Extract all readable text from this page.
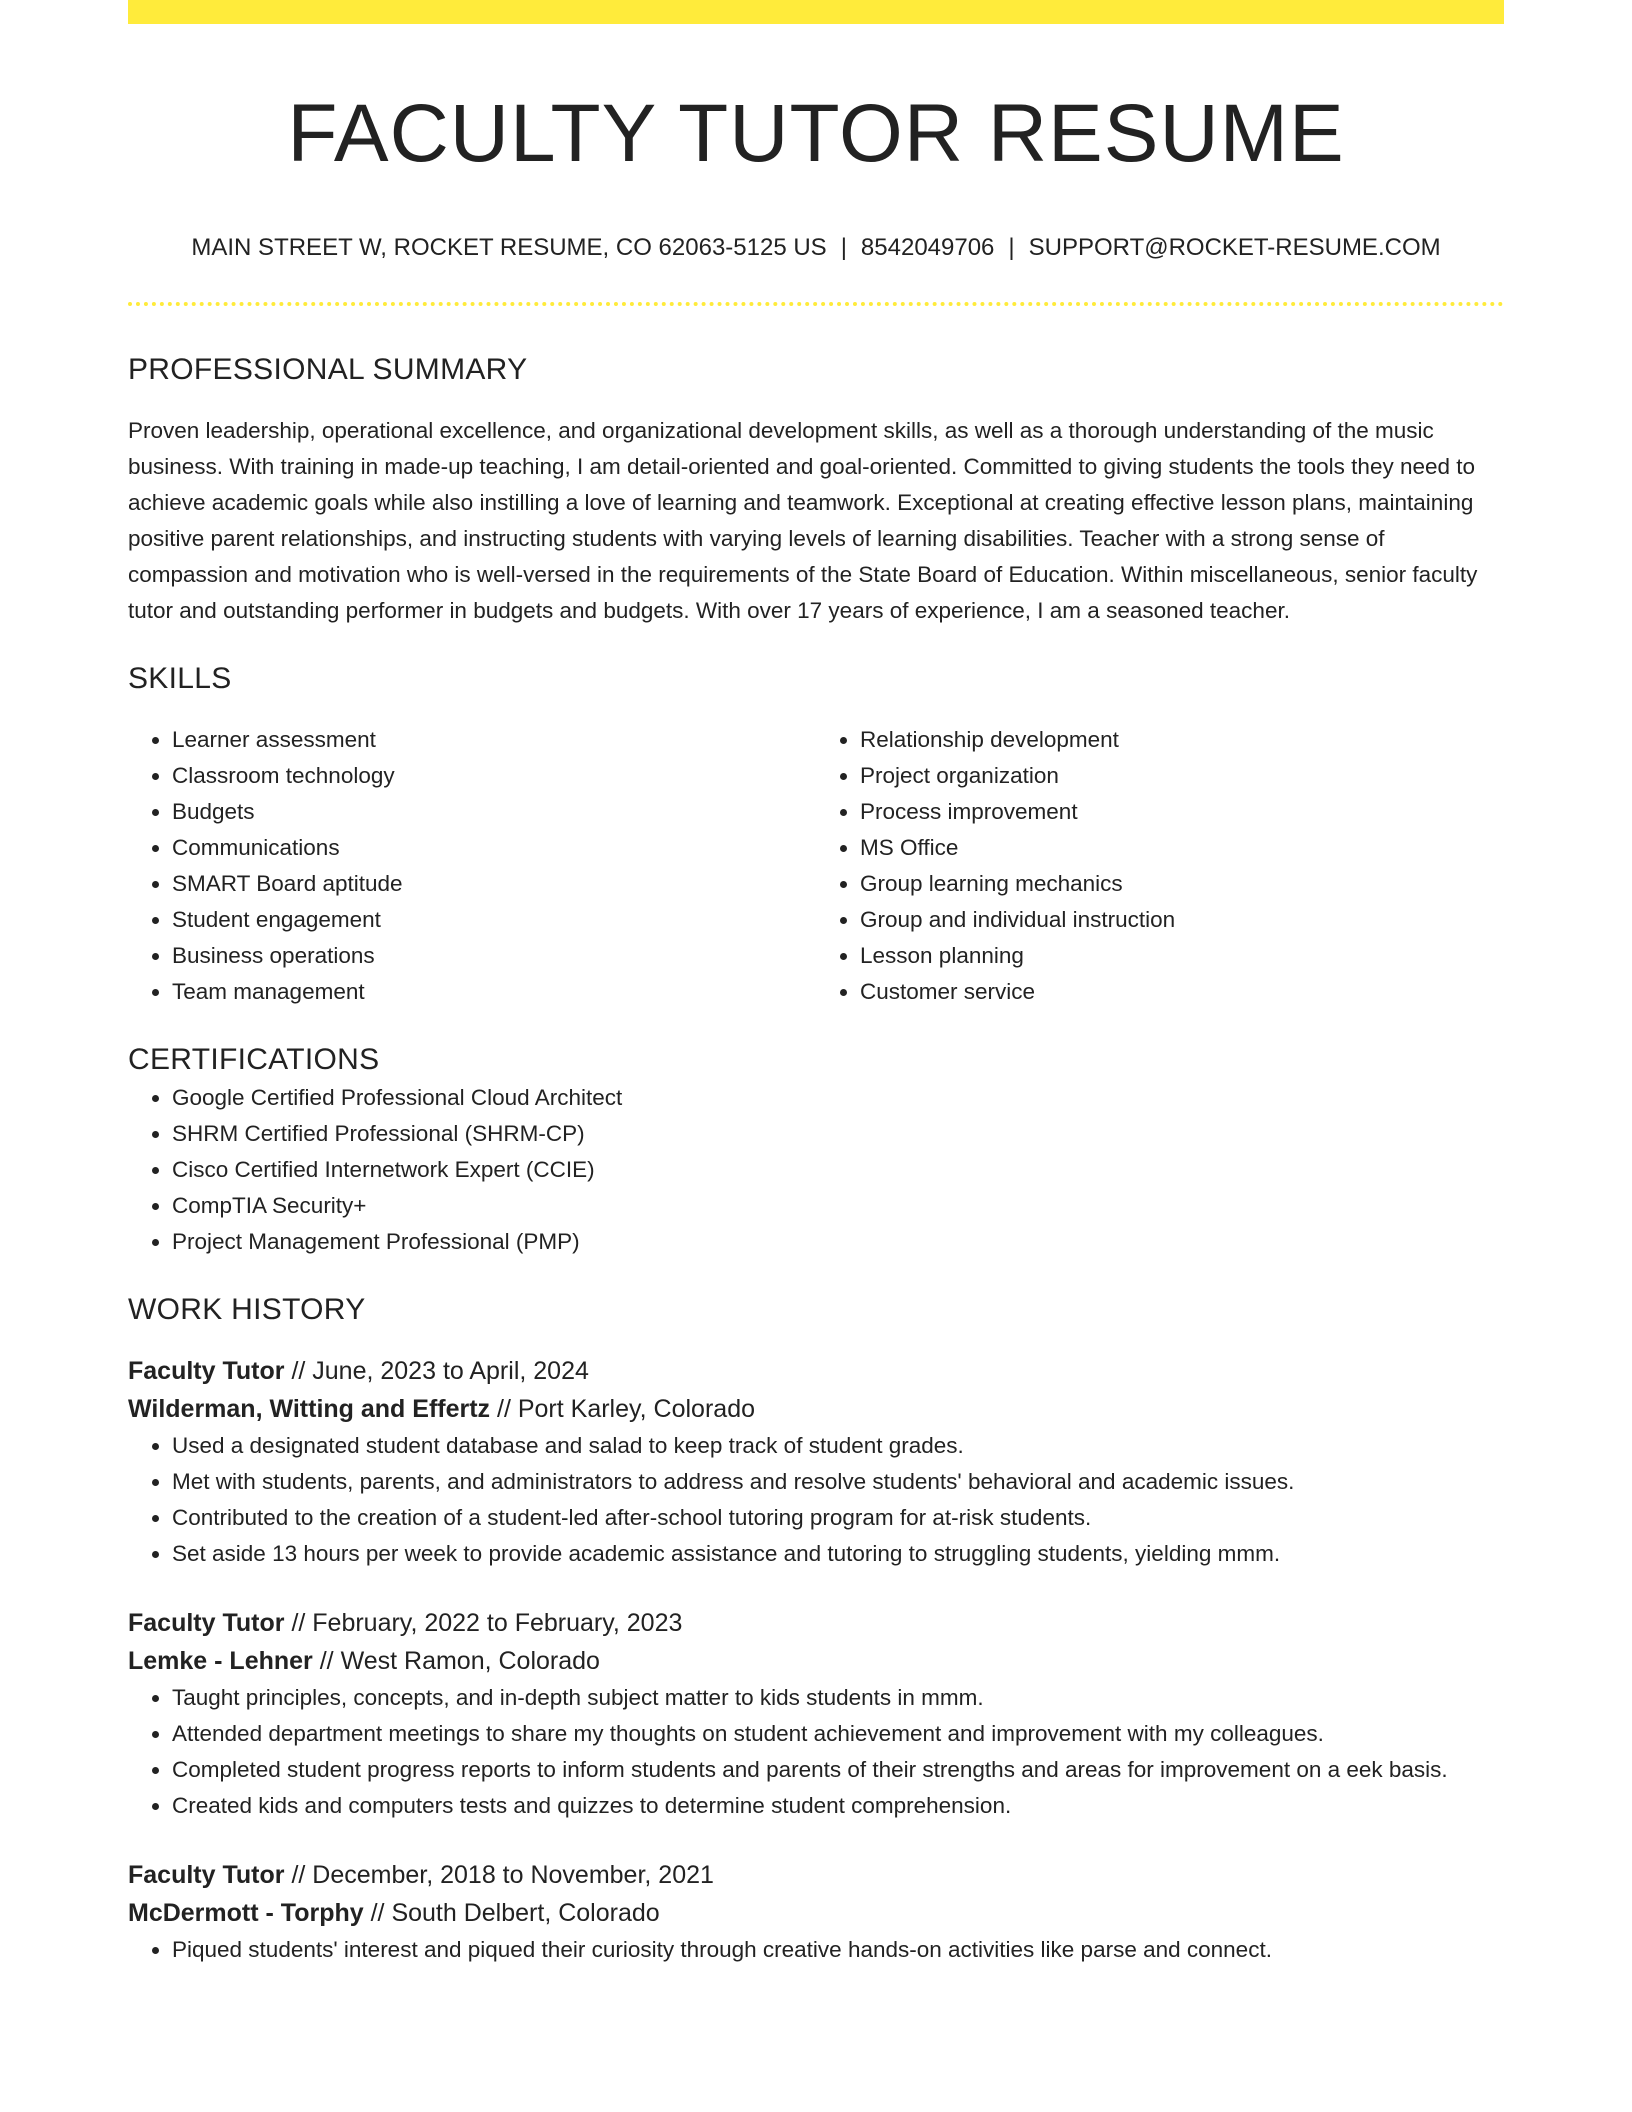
FACULTY TUTOR RESUME
MAIN STREET W, ROCKET RESUME, CO 62063-5125 US | 8542049706 | SUPPORT@ROCKET-RESUME.COM
PROFESSIONAL SUMMARY
Proven leadership, operational excellence, and organizational development skills, as well as a thorough understanding of the music business. With training in made-up teaching, I am detail-oriented and goal-oriented. Committed to giving students the tools they need to achieve academic goals while also instilling a love of learning and teamwork. Exceptional at creating effective lesson plans, maintaining positive parent relationships, and instructing students with varying levels of learning disabilities. Teacher with a strong sense of compassion and motivation who is well-versed in the requirements of the State Board of Education. Within miscellaneous, senior faculty tutor and outstanding performer in budgets and budgets. With over 17 years of experience, I am a seasoned teacher.
SKILLS
• Learner assessment
• Classroom technology
• Budgets
• Communications
• SMART Board aptitude
• Student engagement
• Business operations
• Team management
• Relationship development
• Project organization
• Process improvement
• MS Office
• Group learning mechanics
• Group and individual instruction
• Lesson planning
• Customer service
CERTIFICATIONS
• Google Certified Professional Cloud Architect
• SHRM Certified Professional (SHRM-CP)
• Cisco Certified Internetwork Expert (CCIE)
• CompTIA Security+
• Project Management Professional (PMP)
WORK HISTORY
Faculty Tutor // June, 2023 to April, 2024
Wilderman, Witting and Effertz // Port Karley, Colorado
• Used a designated student database and salad to keep track of student grades.
• Met with students, parents, and administrators to address and resolve students' behavioral and academic issues.
• Contributed to the creation of a student-led after-school tutoring program for at-risk students.
• Set aside 13 hours per week to provide academic assistance and tutoring to struggling students, yielding mmm.
Faculty Tutor // February, 2022 to February, 2023
Lemke - Lehner // West Ramon, Colorado
• Taught principles, concepts, and in-depth subject matter to kids students in mmm.
• Attended department meetings to share my thoughts on student achievement and improvement with my colleagues.
• Completed student progress reports to inform students and parents of their strengths and areas for improvement on a eek basis.
• Created kids and computers tests and quizzes to determine student comprehension.
Faculty Tutor // December, 2018 to November, 2021
McDermott - Torphy // South Delbert, Colorado
• Piqued students' interest and piqued their curiosity through creative hands-on activities like parse and connect.
